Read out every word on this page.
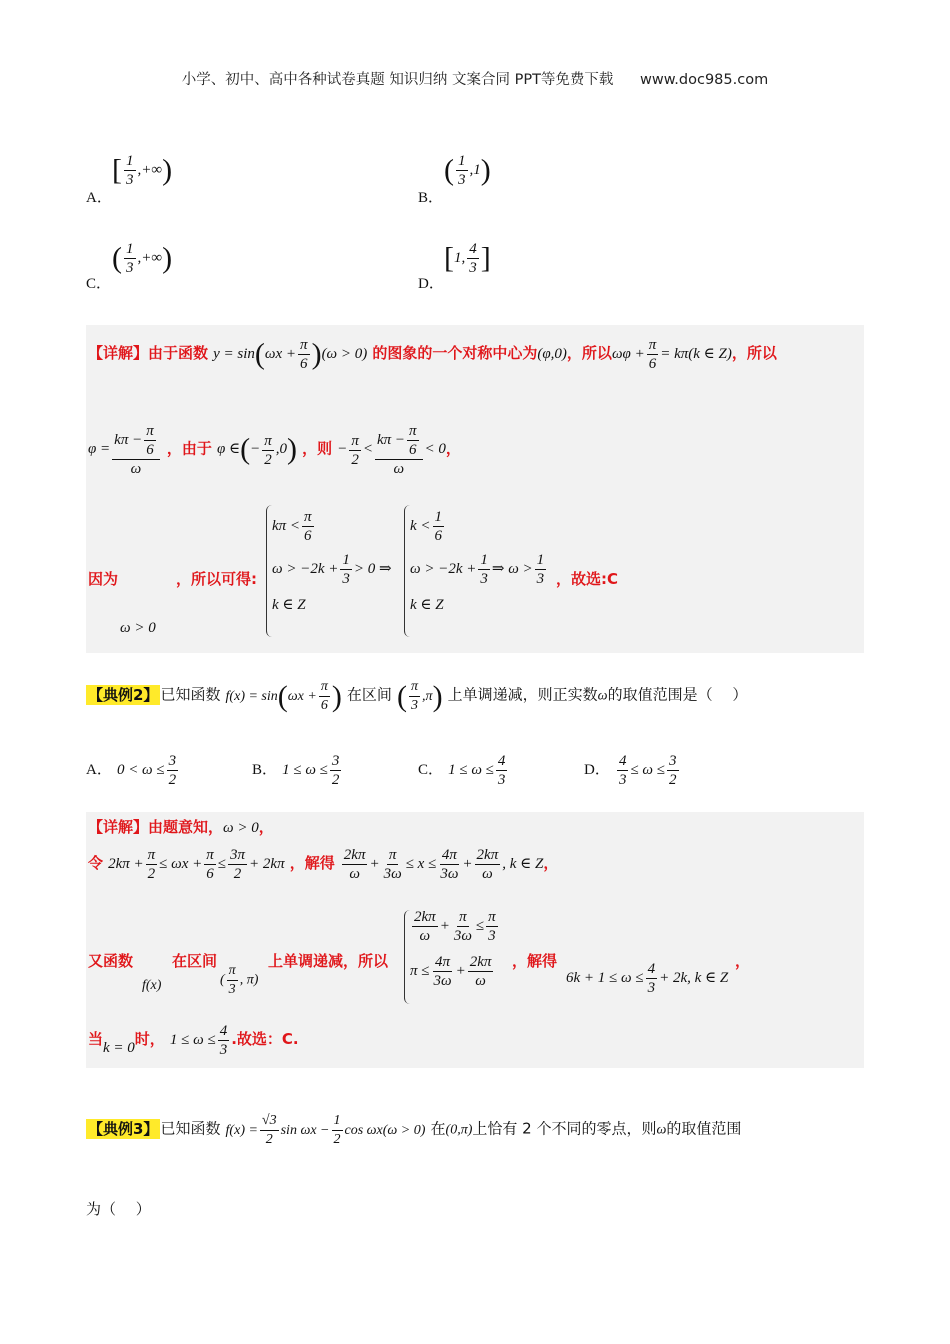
小学、初中、高中各种试卷真题 知识归纳 文案合同 PPT等免费下载 www.doc985.com
A．
[ $\frac{1}{3}$ ,+∞)
B．
( $\frac{1}{3} ,1$)
C．
( $\frac{1}{3}$ ,+∞)
D．
[1, $\frac{4}{3}$ ]
【详解】由于函数 $y = \sin(\omega x + \frac{\pi}{6} )(\omega > 0)$ 的图象的一个对称中心为(φ,0)，所以$\omega\varphi + \frac{\pi}{6} = k\pi(k$ ∈ Z)，所以
$\varphi = \frac{k\pi - \frac{\pi}{6}}{\omega}$ ，由于 φ ∈(− $\frac{\pi}{2} ,0$) ，则 − $\frac{\pi}{2} < \frac{k\pi - \frac{\pi}{6}}{\omega} < 0$，
因为
ω > 0
，所以可得:
$k\pi < \frac{\pi}{6}$
$\omega > -2k + \frac{1}{3} > 0$ ⇒
k ∈ Z
$k < \frac{1}{6}$
$\omega > -2k + \frac{1}{3}$ ⇒ $\omega > \frac{1}{3}$
k ∈ Z
，故选:C
【典例2】 已知函数 $f(x) = \sin(\omega x + \frac{\pi}{6}$ ) 在区间 ( $\frac{\pi}{3} ,\pi$) 上单调递减，则正实数ω的取值范围是（　 ）
A． $0 < \omega \le \frac{3}{2}$	B． $1 \le \omega \le \frac{3}{2}$	C． $1 \le \omega \le \frac{4}{3}$	D． $\frac{4}{3} \le \omega \le \frac{3}{2}$
【详解】由题意知，ω > 0，
令 $2k\pi + \frac{\pi}{2} \le \omega x + \frac{\pi}{6} \le \frac{3\pi}{2} + 2k\pi$ ，解得 $\frac{2k\pi}{\omega} + \frac{\pi}{3\omega} \le x \le \frac{4\pi}{3\omega} + \frac{2k\pi}{\omega}$ , k ∈ Z，
又函数
f(x)
在区间
( $\frac{\pi}{3}$ , π)
上单调递减，所以
$\frac{2k\pi}{\omega} + \frac{\pi}{3\omega} \le \frac{\pi}{3}$
$\pi \le \frac{4\pi}{3\omega} + \frac{2k\pi}{\omega}$ ，解得
$6k + 1 \le \omega \le \frac{4}{3} + 2k$, k ∈ Z
，
当k = 0时， $1 \le \omega \le \frac{4}{3}$ .故选：C.
【典例3】 已知函数 $f(x) = \frac{√3}{2}$ $\sin \omega x - \frac{1}{2}$ cos ωx(ω > 0) 在(0,π)上恰有 2 个不同的零点，则ω的取值范围
为（　 ）
